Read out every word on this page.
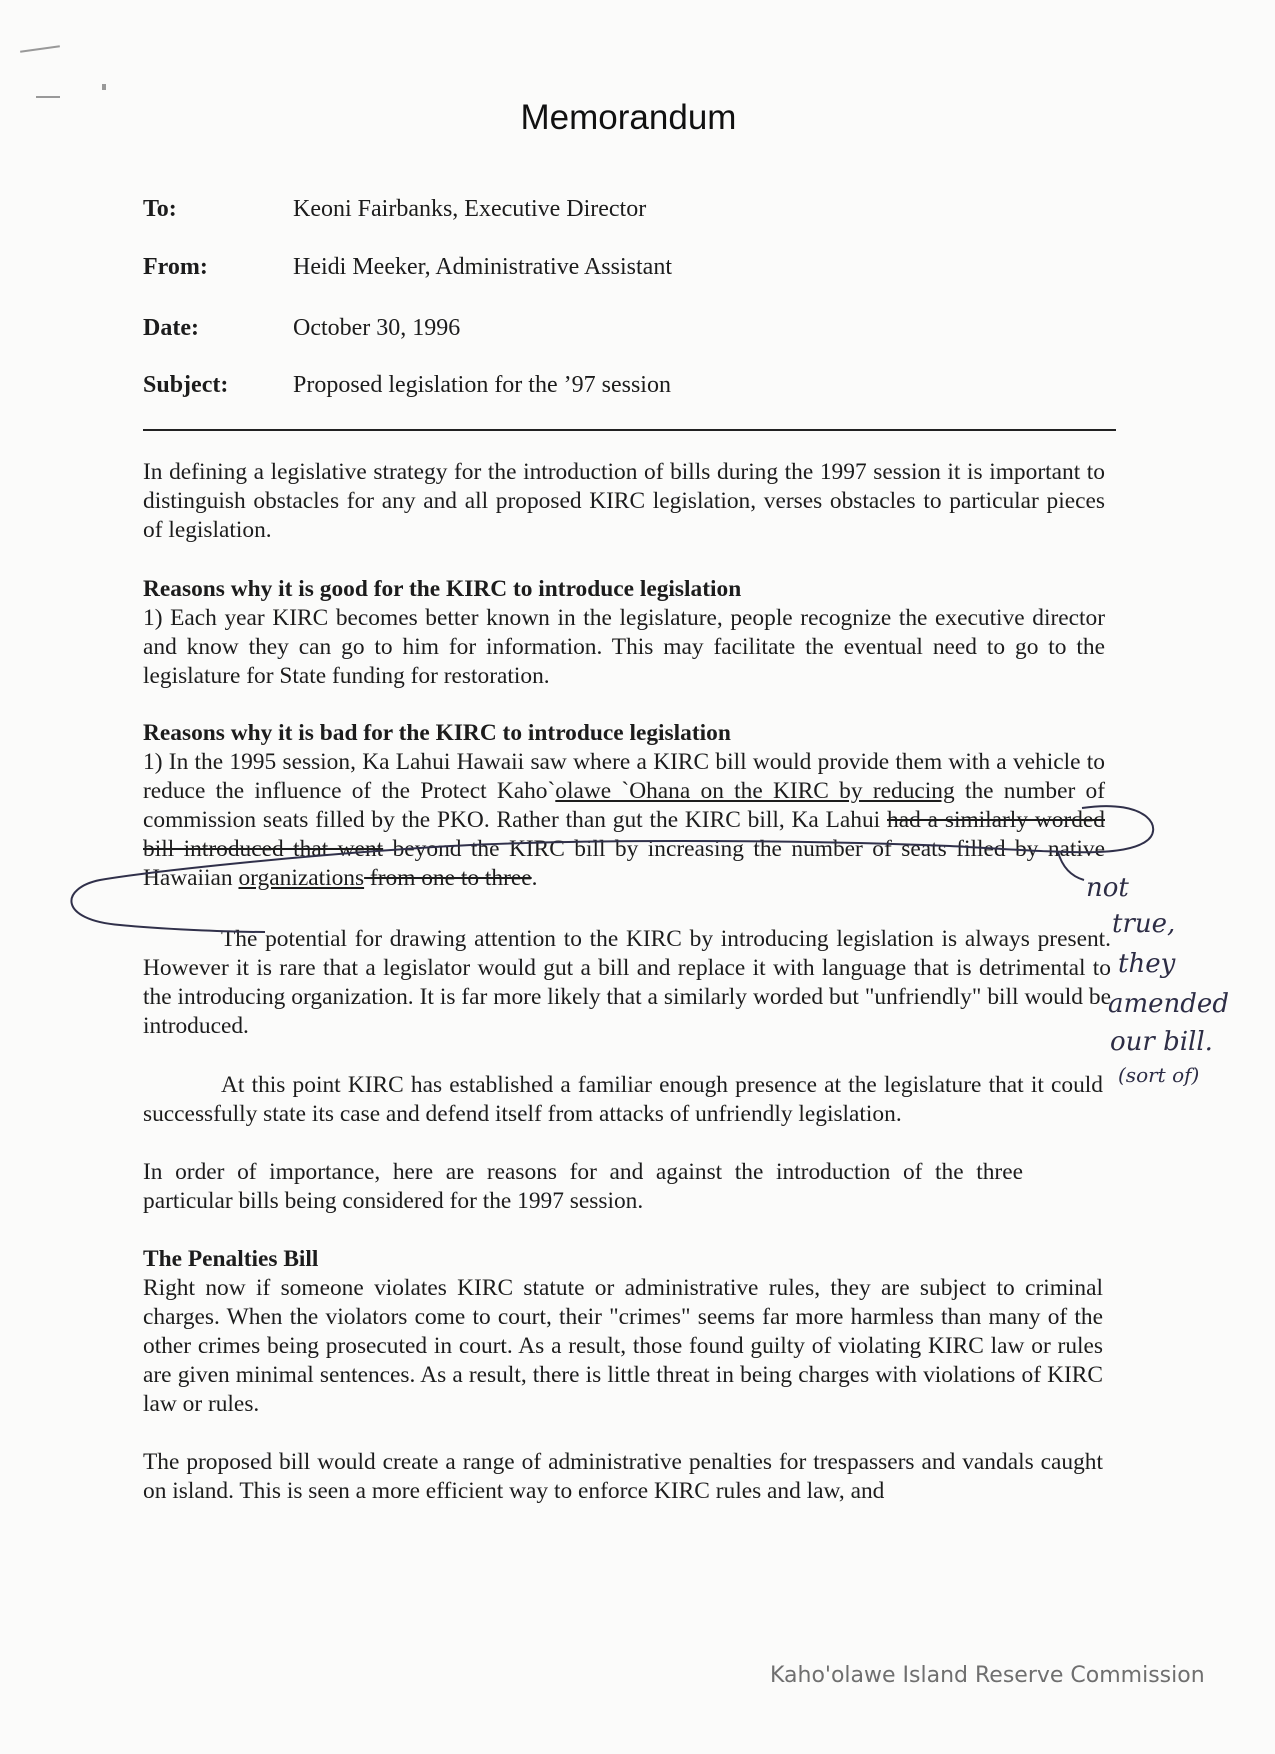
Memorandum
To:	Keoni Fairbanks, Executive Director
From:	Heidi Meeker, Administrative Assistant
Date:	October 30, 1996
Subject:	Proposed legislation for the ’97 session

In defining a legislative strategy for the introduction of bills during the 1997 session it is important to distinguish obstacles for any and all proposed KIRC legislation, verses obstacles to particular pieces of legislation.

Reasons why it is good for the KIRC to introduce legislation
1) Each year KIRC becomes better known in the legislature, people recognize the executive director and know they can go to him for information. This may facilitate the eventual need to go to the legislature for State funding for restoration.

Reasons why it is bad for the KIRC to introduce legislation
1) In the 1995 session, Ka Lahui Hawaii saw where a KIRC bill would provide them with a vehicle to reduce the influence of the Protect Kaho`olawe `Ohana on the KIRC by reducing the number of commission seats filled by the PKO. Rather than gut the KIRC bill, Ka Lahui had a similarly worded bill introduced that went beyond the KIRC bill by increasing the number of seats filled by native Hawaiian organizations from one to three.

The potential for drawing attention to the KIRC by introducing legislation is always present. However it is rare that a legislator would gut a bill and replace it with language that is detrimental to the introducing organization. It is far more likely that a similarly worded but "unfriendly" bill would be introduced.

At this point KIRC has established a familiar enough presence at the legislature that it could successfully state its case and defend itself from attacks of unfriendly legislation.

In order of importance, here are reasons for and against the introduction of the three particular bills being considered for the 1997 session.

The Penalties Bill
Right now if someone violates KIRC statute or administrative rules, they are subject to criminal charges. When the violators come to court, their "crimes" seems far more harmless than many of the other crimes being prosecuted in court. As a result, those found guilty of violating KIRC law or rules are given minimal sentences. As a result, there is little threat in being charges with violations of KIRC law or rules.

The proposed bill would create a range of administrative penalties for trespassers and vandals caught on island. This is seen a more efficient way to enforce KIRC rules and law, and

not
true,
they
amended
our bill.
(sort of)
Kaho'olawe Island Reserve Commission
